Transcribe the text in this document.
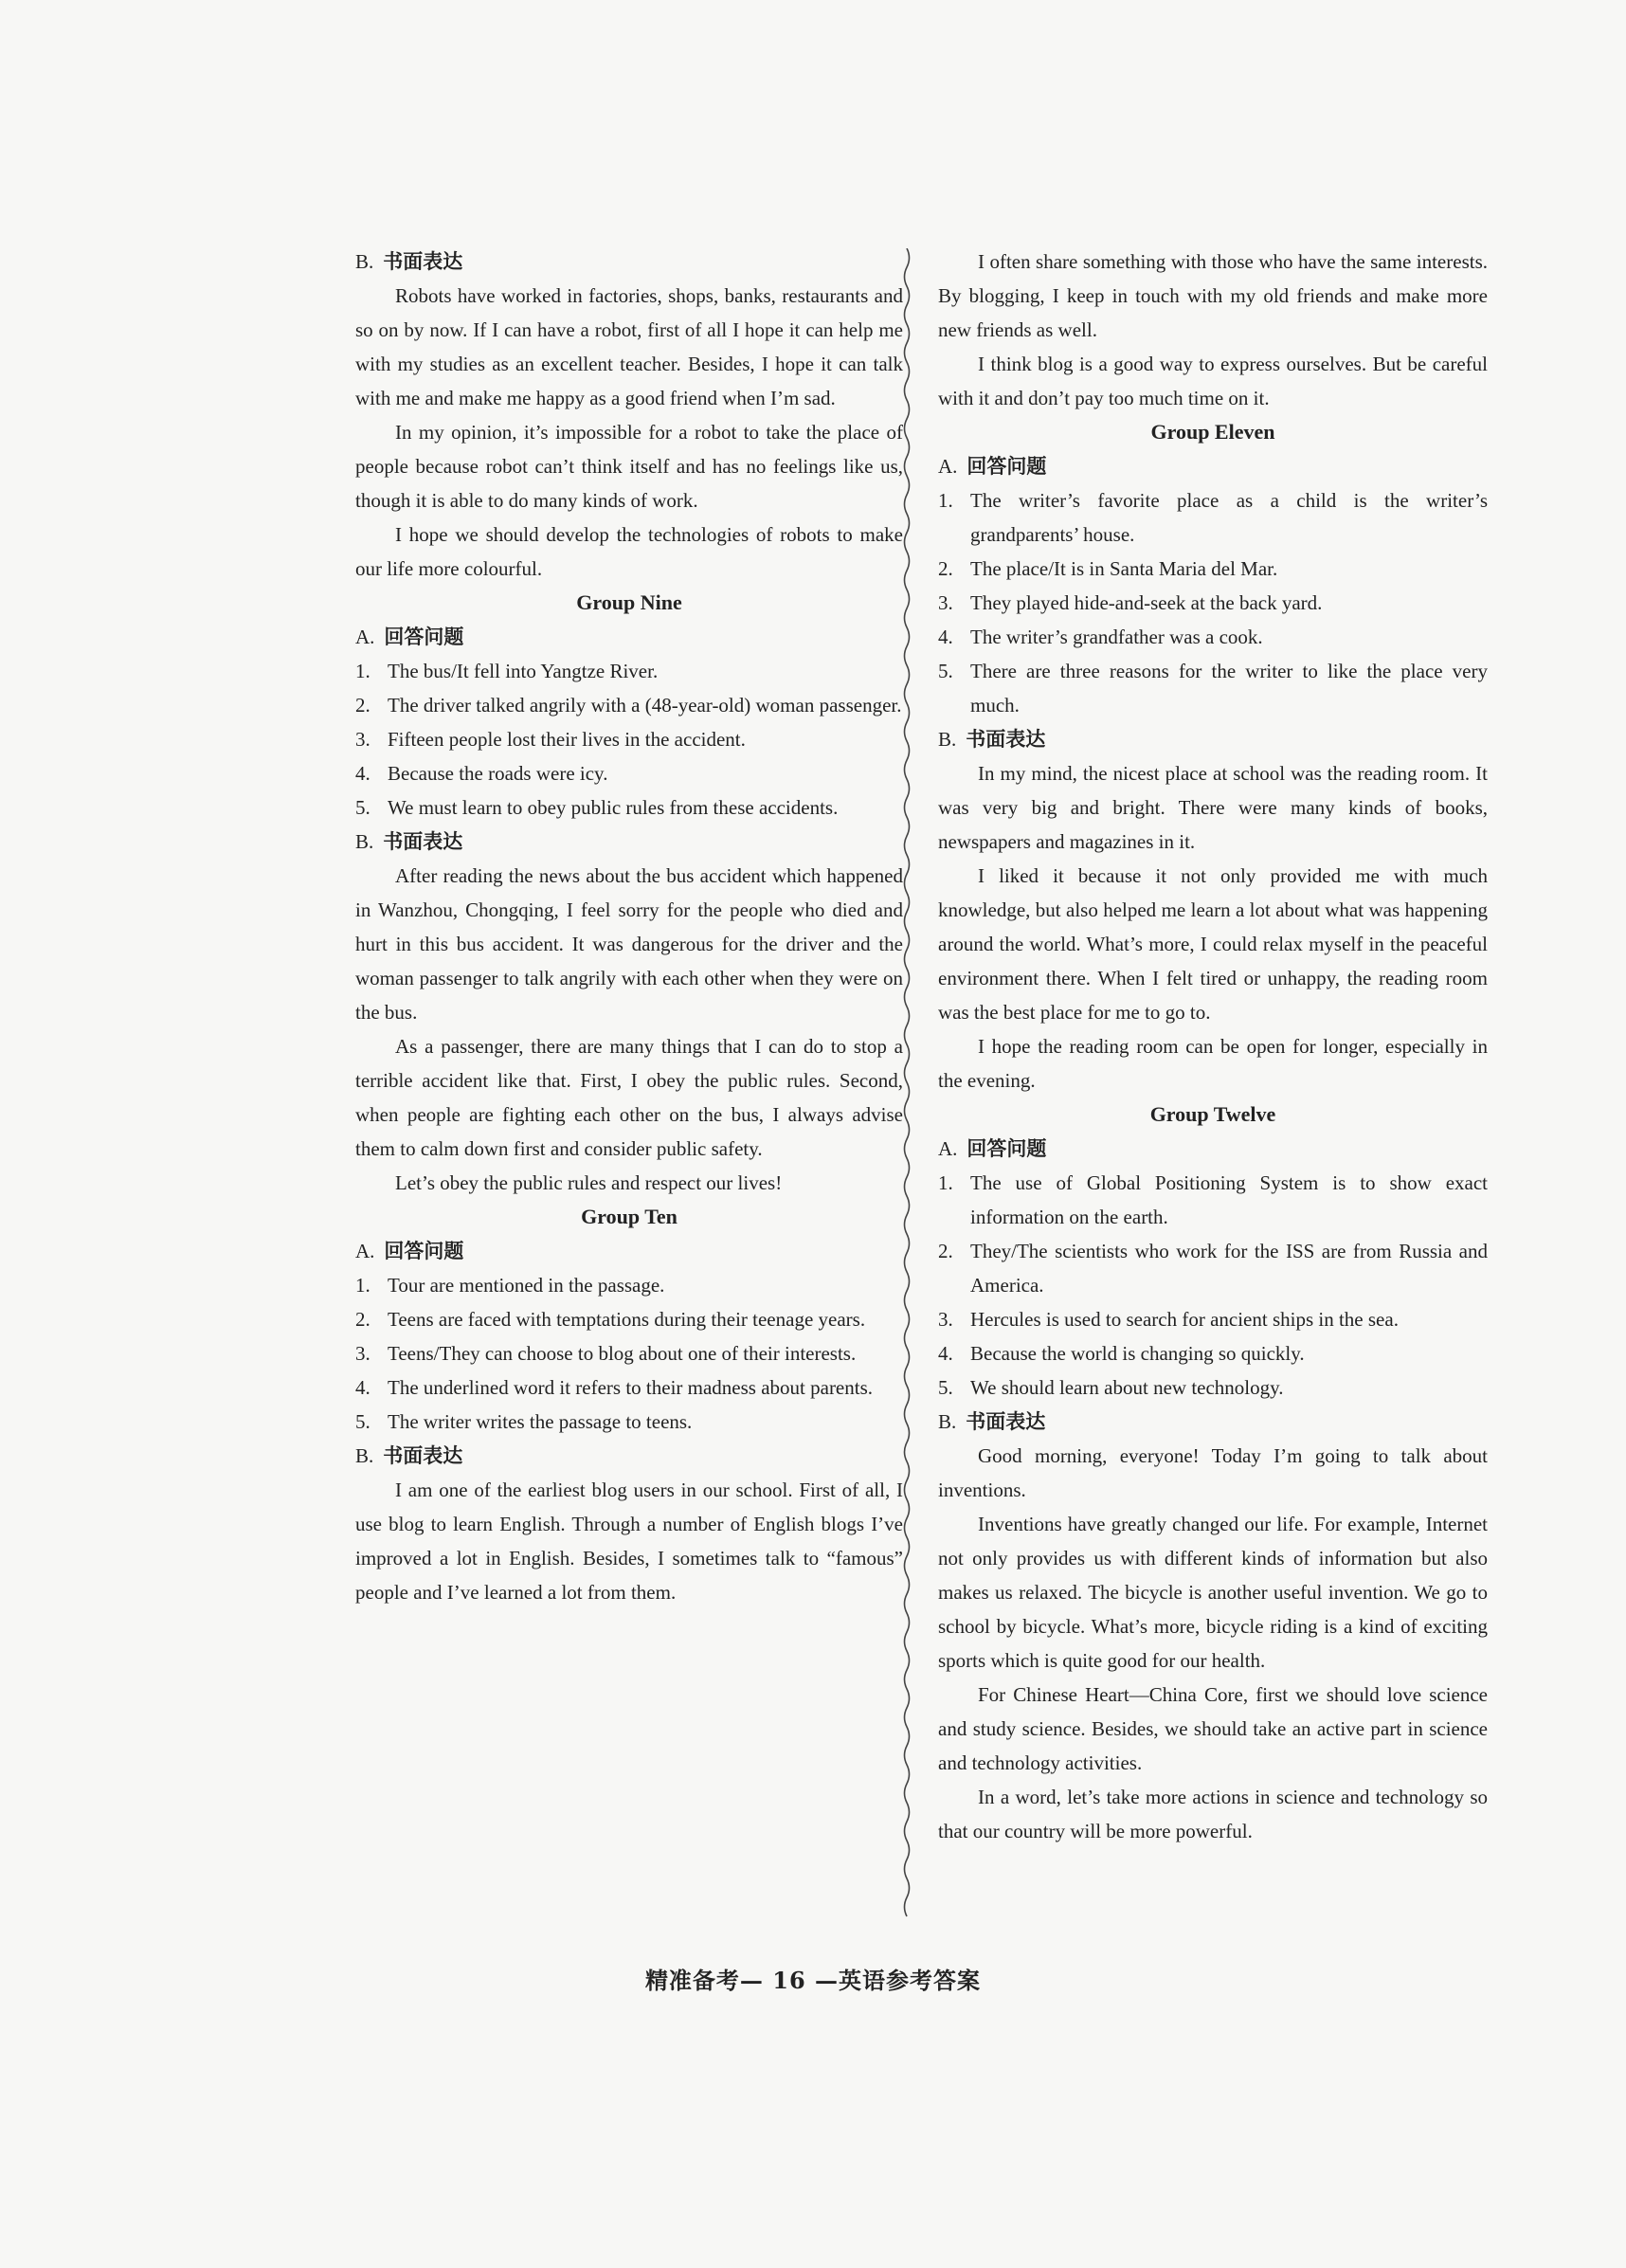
B. 书面表达

Robots have worked in factories, shops, banks, restaurants and so on by now. If I can have a robot, first of all I hope it can help me with my studies as an excellent teacher. Besides, I hope it can talk with me and make me happy as a good friend when I’m sad.

In my opinion, it’s impossible for a robot to take the place of people because robot can’t think itself and has no feelings like us, though it is able to do many kinds of work.

I hope we should develop the technologies of robots to make our life more colourful.

Group Nine

A. 回答问题

1. The bus/It fell into Yangtze River.
2. The driver talked angrily with a (48-year-old) woman passenger.
3. Fifteen people lost their lives in the accident.
4. Because the roads were icy.
5. We must learn to obey public rules from these accidents.

B. 书面表达

After reading the news about the bus accident which happened in Wanzhou, Chongqing, I feel sorry for the people who died and hurt in this bus accident. It was dangerous for the driver and the woman passenger to talk angrily with each other when they were on the bus.

As a passenger, there are many things that I can do to stop a terrible accident like that. First, I obey the public rules. Second, when people are fighting each other on the bus, I always advise them to calm down first and consider public safety.

Let’s obey the public rules and respect our lives!

Group Ten

A. 回答问题

1. Tour are mentioned in the passage.
2. Teens are faced with temptations during their teenage years.
3. Teens/They can choose to blog about one of their interests.
4. The underlined word it refers to their madness about parents.
5. The writer writes the passage to teens.

B. 书面表达

I am one of the earliest blog users in our school. First of all, I use blog to learn English. Through a number of English blogs I’ve improved a lot in English. Besides, I sometimes talk to “famous” people and I’ve learned a lot from them.

I often share something with those who have the same interests. By blogging, I keep in touch with my old friends and make more new friends as well.

I think blog is a good way to express ourselves. But be careful with it and don’t pay too much time on it.

Group Eleven

A. 回答问题

1. The writer’s favorite place as a child is the writer’s grandparents’ house.
2. The place/It is in Santa Maria del Mar.
3. They played hide-and-seek at the back yard.
4. The writer’s grandfather was a cook.
5. There are three reasons for the writer to like the place very much.

B. 书面表达

In my mind, the nicest place at school was the reading room. It was very big and bright. There were many kinds of books, newspapers and magazines in it.

I liked it because it not only provided me with much knowledge, but also helped me learn a lot about what was happening around the world. What’s more, I could relax myself in the peaceful environment there. When I felt tired or unhappy, the reading room was the best place for me to go to.

I hope the reading room can be open for longer, especially in the evening.

Group Twelve

A. 回答问题

1. The use of Global Positioning System is to show exact information on the earth.
2. They/The scientists who work for the ISS are from Russia and America.
3. Hercules is used to search for ancient ships in the sea.
4. Because the world is changing so quickly.
5. We should learn about new technology.

B. 书面表达

Good morning, everyone! Today I’m going to talk about inventions.

Inventions have greatly changed our life. For example, Internet not only provides us with different kinds of information but also makes us relaxed. The bicycle is another useful invention. We go to school by bicycle. What’s more, bicycle riding is a kind of exciting sports which is quite good for our health.

For Chinese Heart—China Core, first we should love science and study science. Besides, we should take an active part in science and technology activities.

In a word, let’s take more actions in science and technology so that our country will be more powerful.

精准备考— 16 —英语参考答案
